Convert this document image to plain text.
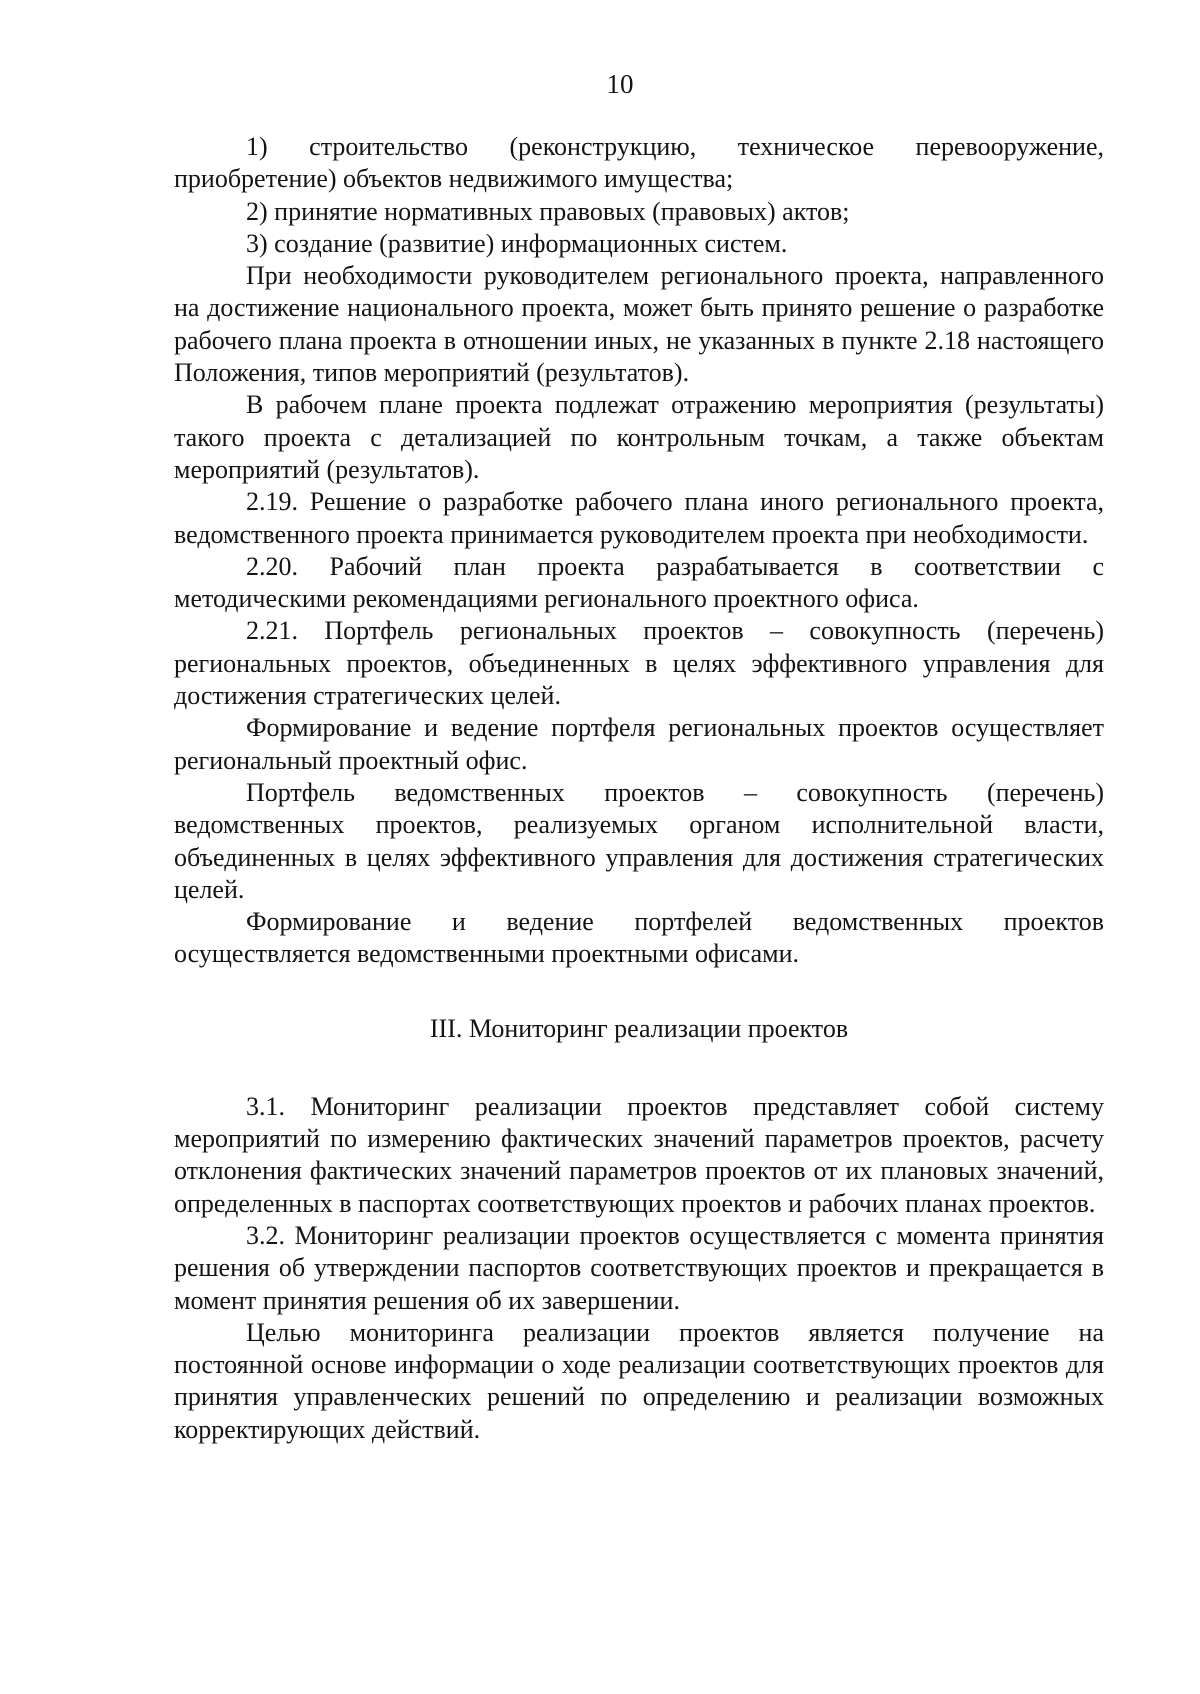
10

1) строительство (реконструкцию, техническое перевооружение, приобретение) объектов недвижимого имущества;

2) принятие нормативных правовых (правовых) актов;

3) создание (развитие) информационных систем.

При необходимости руководителем регионального проекта, направленного на достижение национального проекта, может быть принято решение о разработке рабочего плана проекта в отношении иных, не указанных в пункте 2.18 настоящего Положения, типов мероприятий (результатов).

В рабочем плане проекта подлежат отражению мероприятия (результаты) такого проекта с детализацией по контрольным точкам, а также объектам мероприятий (результатов).

2.19. Решение о разработке рабочего плана иного регионального проекта, ведомственного проекта принимается руководителем проекта при необходимости.

2.20. Рабочий план проекта разрабатывается в соответствии с методическими рекомендациями регионального проектного офиса.

2.21. Портфель региональных проектов – совокупность (перечень) региональных проектов, объединенных в целях эффективного управления для достижения стратегических целей.

Формирование и ведение портфеля региональных проектов осуществляет региональный проектный офис.

Портфель ведомственных проектов – совокупность (перечень) ведомственных проектов, реализуемых органом исполнительной власти, объединенных в целях эффективного управления для достижения стратегических целей.

Формирование и ведение портфелей ведомственных проектов осуществляется ведомственными проектными офисами.

III. Мониторинг реализации проектов

3.1. Мониторинг реализации проектов представляет собой систему мероприятий по измерению фактических значений параметров проектов, расчету отклонения фактических значений параметров проектов от их плановых значений, определенных в паспортах соответствующих проектов и рабочих планах проектов.

3.2. Мониторинг реализации проектов осуществляется с момента принятия решения об утверждении паспортов соответствующих проектов и прекращается в момент принятия решения об их завершении.

Целью мониторинга реализации проектов является получение на постоянной основе информации о ходе реализации соответствующих проектов для принятия управленческих решений по определению и реализации возможных корректирующих действий.
